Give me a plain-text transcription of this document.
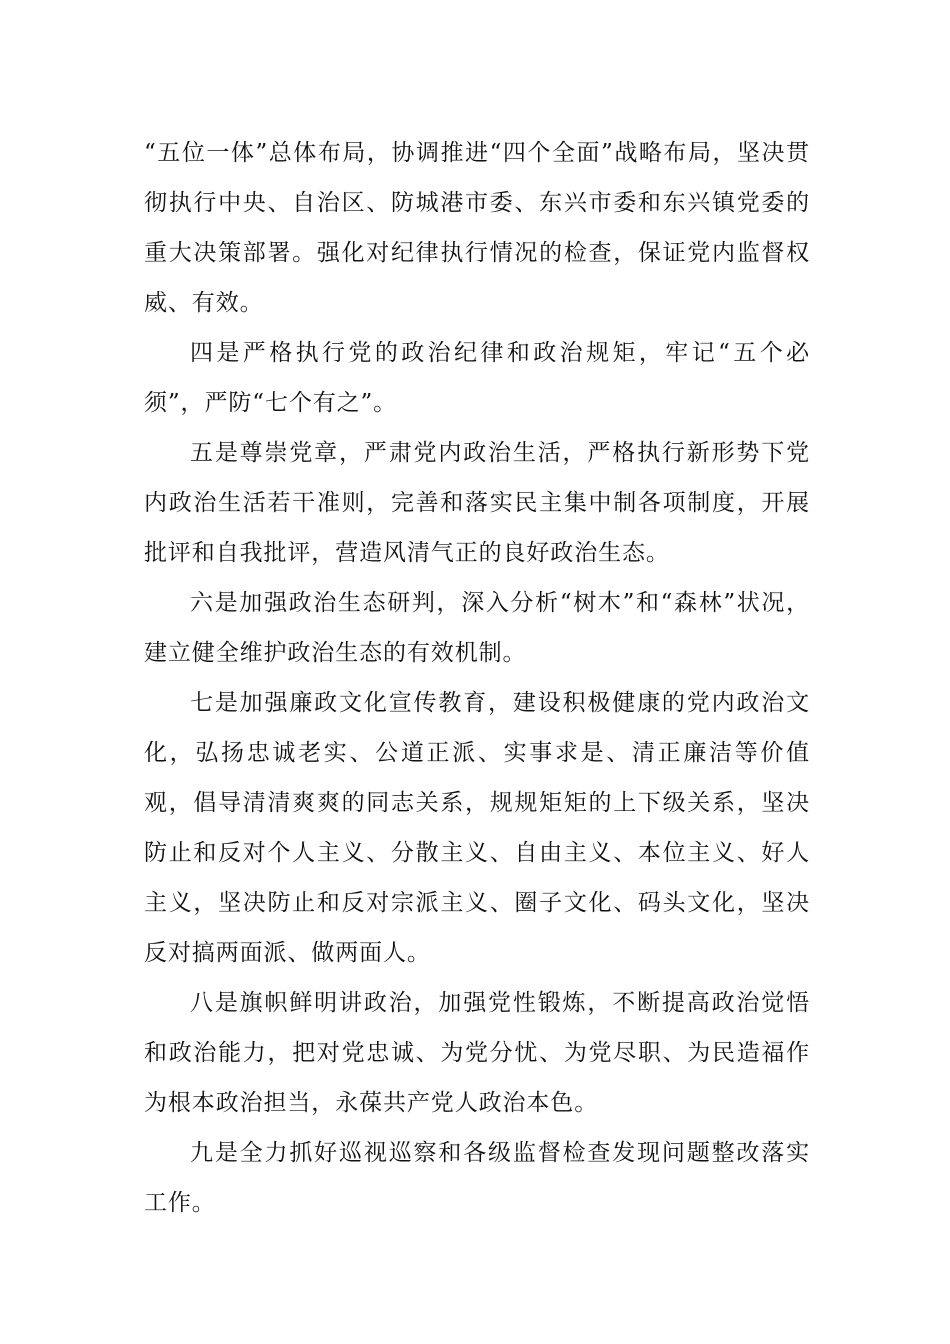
“五位一体”总体布局，协调推进“四个全面”战略布局，坚决贯彻执行中央、自治区、防城港市委、东兴市委和东兴镇党委的重大决策部署。强化对纪律执行情况的检查，保证党内监督权威、有效。

四是严格执行党的政治纪律和政治规矩，牢记“五个必须”，严防“七个有之”。

五是尊崇党章，严肃党内政治生活，严格执行新形势下党内政治生活若干准则，完善和落实民主集中制各项制度，开展批评和自我批评，营造风清气正的良好政治生态。

六是加强政治生态研判，深入分析“树木”和“森林”状况，建立健全维护政治生态的有效机制。

七是加强廉政文化宣传教育，建设积极健康的党内政治文化，弘扬忠诚老实、公道正派、实事求是、清正廉洁等价值观，倡导清清爽爽的同志关系，规规矩矩的上下级关系，坚决防止和反对个人主义、分散主义、自由主义、本位主义、好人主义，坚决防止和反对宗派主义、圈子文化、码头文化，坚决反对搞两面派、做两面人。

八是旗帜鲜明讲政治，加强党性锻炼，不断提高政治觉悟和政治能力，把对党忠诚、为党分忧、为党尽职、为民造福作为根本政治担当，永葆共产党人政治本色。

九是全力抓好巡视巡察和各级监督检查发现问题整改落实工作。
